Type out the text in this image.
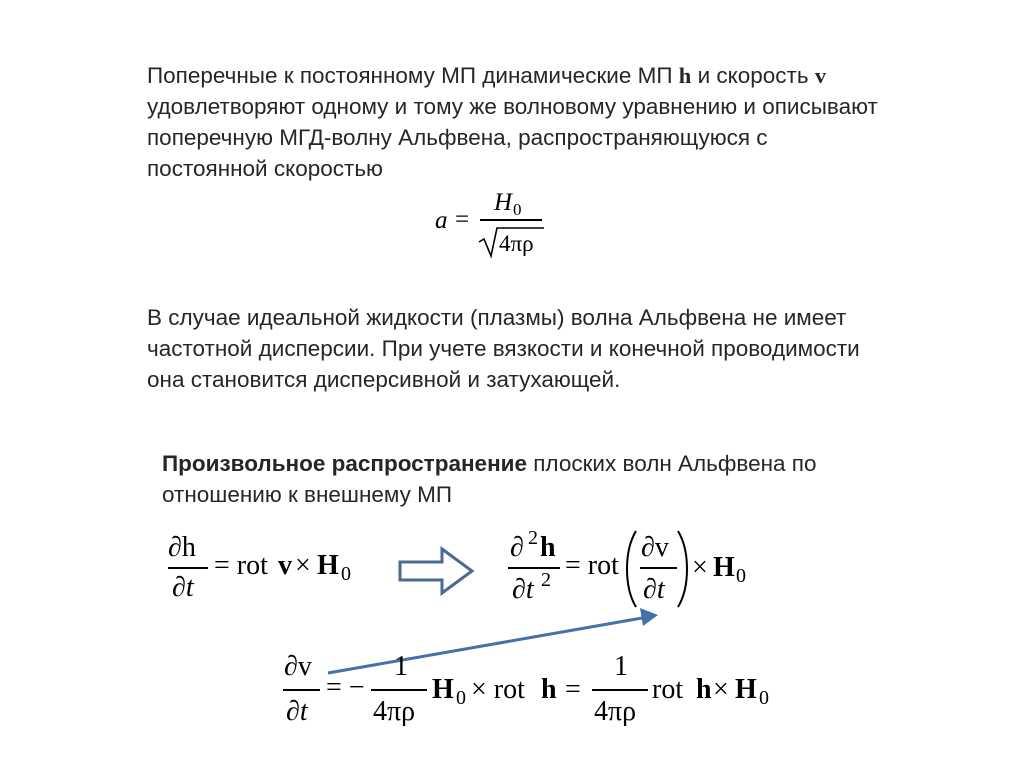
Поперечные к постоянному МП динамические МП h и скорость v
удовлетворяют одному и тому же волновому уравнению и описывают
поперечную МГД-волну Альфвена, распространяющуюся с
постоянной скоростью
a =
H 0
4πρ
В случае идеальной жидкости (плазмы) волна Альфвена не имеет
частотной дисперсии. При учете вязкости и конечной проводимости
она становится дисперсивной и затухающей.
Произвольное распространение плоских волн Альфвена по
отношению к внешнему МП
∂h
∂t
= rot v × H 0
∂ 2 h
∂t 2 = rot
∂v
∂t
× H 0
∂v
∂t
= −
1
4πρ
H 0 × rot h =
1
4πρ
rot h × H 0
